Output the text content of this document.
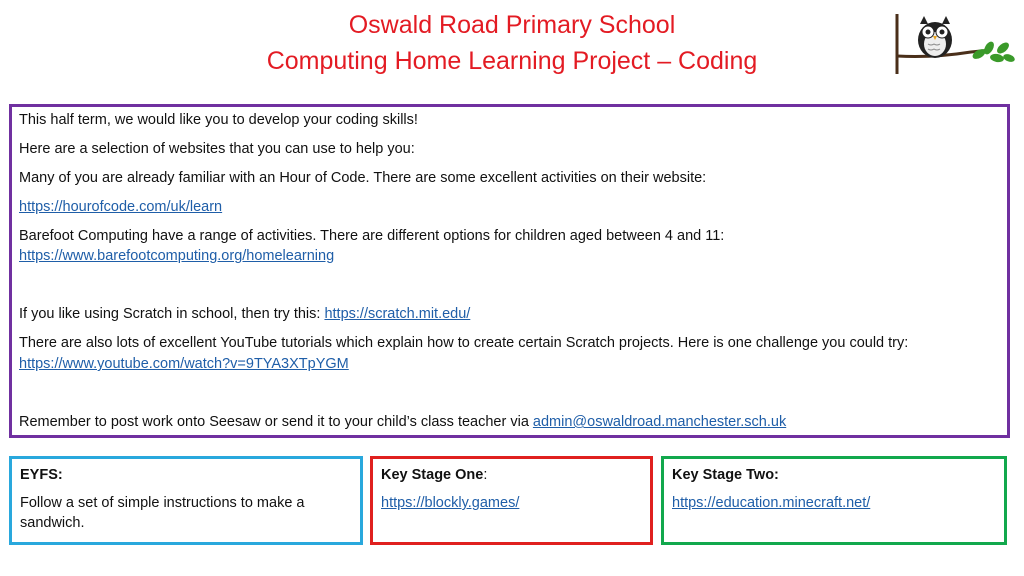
Oswald Road Primary School
Computing Home Learning Project – Coding

This half term, we would like you to develop your coding skills!

Here are a selection of websites that you can use to help you:

Many of you are already familiar with an Hour of Code. There are some excellent activities on their website:

https://hourofcode.com/uk/learn

Barefoot Computing have a range of activities. There are different options for children aged between 4 and 11:

https://www.barefootcomputing.org/homelearning

If you like using Scratch in school, then try this: https://scratch.mit.edu/

There are also lots of excellent YouTube tutorials which explain how to create certain Scratch projects. Here is one challenge you could try:

https://www.youtube.com/watch?v=9TYA3XTpYGM

Remember to post work onto Seesaw or send it to your child’s class teacher via admin@oswaldroad.manchester.sch.uk

EYFS:
Follow a set of simple instructions to make a sandwich.
Key Stage One:
https://blockly.games/
Key Stage Two:
https://education.minecraft.net/
